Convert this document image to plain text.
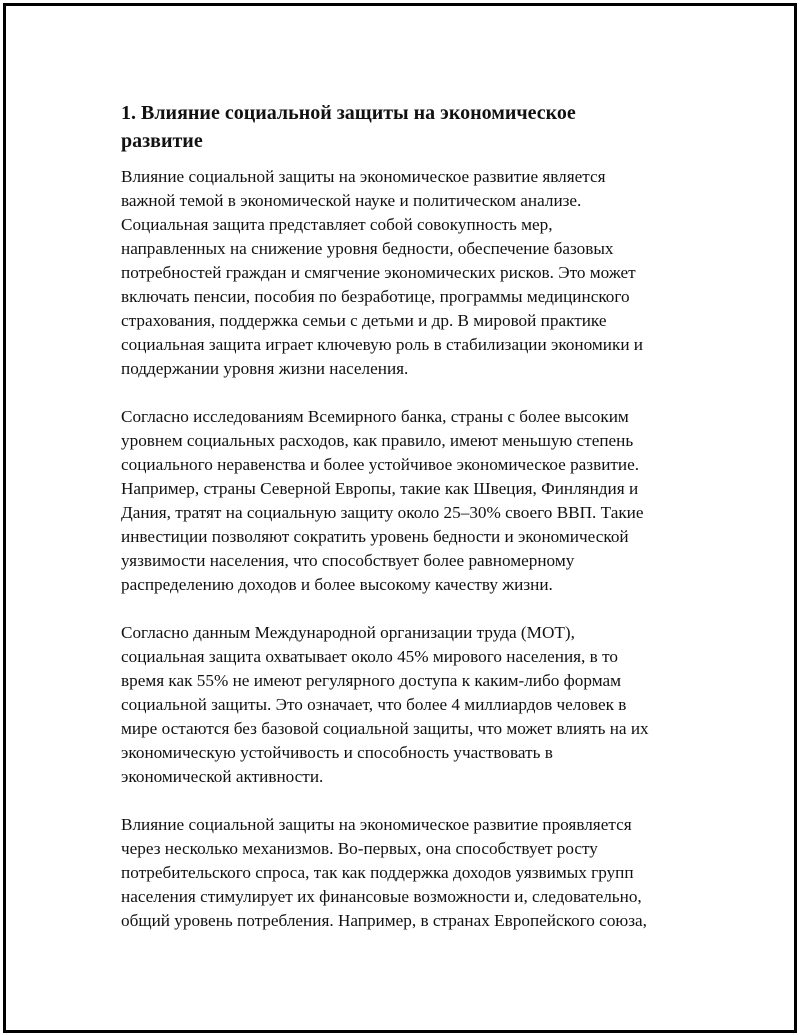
1. Влияние социальной защиты на экономическое
развитие

Влияние социальной защиты на экономическое развитие является
важной темой в экономической науке и политическом анализе.
Социальная защита представляет собой совокупность мер,
направленных на снижение уровня бедности, обеспечение базовых
потребностей граждан и смягчение экономических рисков. Это может
включать пенсии, пособия по безработице, программы медицинского
страхования, поддержка семьи с детьми и др. В мировой практике
социальная защита играет ключевую роль в стабилизации экономики и
поддержании уровня жизни населения.

Согласно исследованиям Всемирного банка, страны с более высоким
уровнем социальных расходов, как правило, имеют меньшую степень
социального неравенства и более устойчивое экономическое развитие.
Например, страны Северной Европы, такие как Швеция, Финляндия и
Дания, тратят на социальную защиту около 25–30% своего ВВП. Такие
инвестиции позволяют сократить уровень бедности и экономической
уязвимости населения, что способствует более равномерному
распределению доходов и более высокому качеству жизни.

Согласно данным Международной организации труда (МОТ),
социальная защита охватывает около 45% мирового населения, в то
время как 55% не имеют регулярного доступа к каким-либо формам
социальной защиты. Это означает, что более 4 миллиардов человек в
мире остаются без базовой социальной защиты, что может влиять на их
экономическую устойчивость и способность участвовать в
экономической активности.

Влияние социальной защиты на экономическое развитие проявляется
через несколько механизмов. Во-первых, она способствует росту
потребительского спроса, так как поддержка доходов уязвимых групп
населения стимулирует их финансовые возможности и, следовательно,
общий уровень потребления. Например, в странах Европейского союза,
